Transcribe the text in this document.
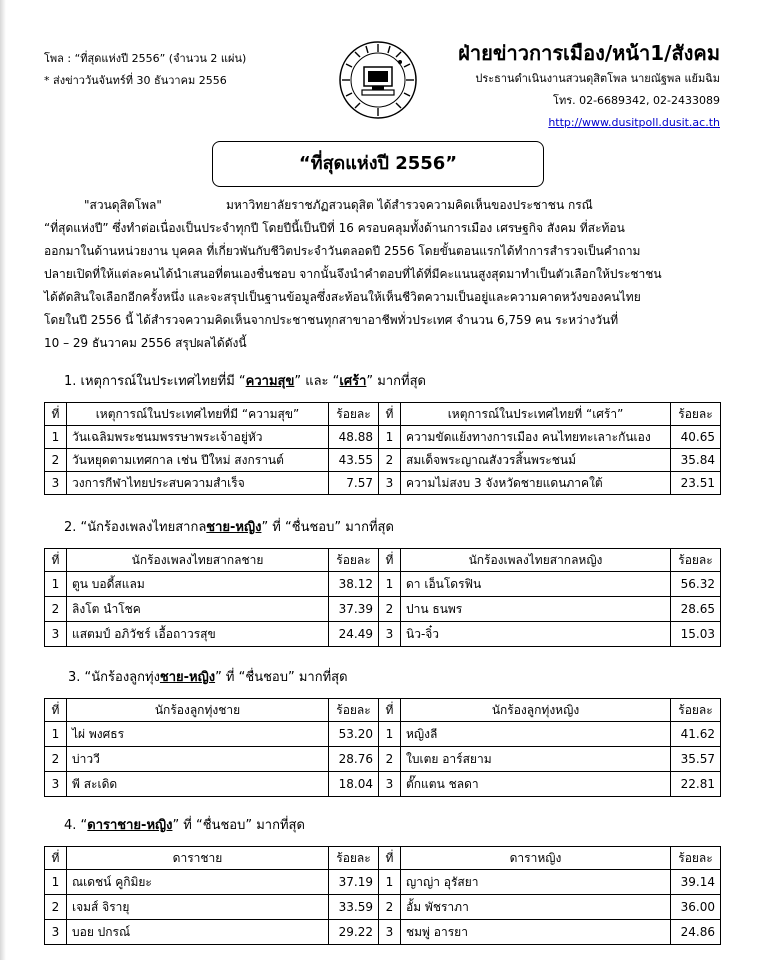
โพล : “ที่สุดแห่งปี 2556” (จำนวน 2 แผ่น)
* ส่งข่าววันจันทร์ที่ 30 ธันวาคม 2556
ฝ่ายข่าวการเมือง/หน้า1/สังคม
ประธานดำเนินงานสวนดุสิตโพล นายณัฐพล แย้มฉิม
โทร. 02-6689342, 02-2433089
http://www.dusitpoll.dusit.ac.th
“ที่สุดแห่งปี 2556”

"สวนดุสิตโพล"	มหาวิทยาลัยราชภัฏสวนดุสิต ได้สำรวจความคิดเห็นของประชาชน กรณี

“ที่สุดแห่งปี” ซึ่งทำต่อเนื่องเป็นประจำทุกปี โดยปีนี้เป็นปีที่ 16 ครอบคลุมทั้งด้านการเมือง เศรษฐกิจ สังคม ที่สะท้อน

ออกมาในด้านหน่วยงาน บุคคล ที่เกี่ยวพันกับชีวิตประจำวันตลอดปี 2556 โดยขั้นตอนแรกได้ทำการสำรวจเป็นคำถาม

ปลายเปิดที่ให้แต่ละคนได้นำเสนอที่ตนเองชื่นชอบ จากนั้นจึงนำคำตอบที่ได้ที่มีคะแนนสูงสุดมาทำเป็นตัวเลือกให้ประชาชน

ได้ตัดสินใจเลือกอีกครั้งหนึ่ง และจะสรุปเป็นฐานข้อมูลซึ่งสะท้อนให้เห็นชีวิตความเป็นอยู่และความคาดหวังของคนไทย

โดยในปี 2556 นี้ ได้สำรวจความคิดเห็นจากประชาชนทุกสาขาอาชีพทั่วประเทศ จำนวน 6,759 คน ระหว่างวันที่

10 – 29 ธันวาคม 2556 สรุปผลได้ดังนี้

1. เหตุการณ์ในประเทศไทยที่มี “ความสุข” และ “เศร้า” มากที่สุด
ที่	เหตุการณ์ในประเทศไทยที่มี “ความสุข”	ร้อยละ	ที่	เหตุการณ์ในประเทศไทยที่ “เศร้า”	ร้อยละ
1	วันเฉลิมพระชนมพรรษาพระเจ้าอยู่หัว	48.88	1	ความขัดแย้งทางการเมือง คนไทยทะเลาะกันเอง	40.65
2	วันหยุดตามเทศกาล เช่น ปีใหม่ สงกรานต์	43.55	2	สมเด็จพระญาณสังวรสิ้นพระชนม์	35.84
3	วงการกีฬาไทยประสบความสำเร็จ	7.57	3	ความไม่สงบ 3 จังหวัดชายแดนภาคใต้	23.51
2. “นักร้องเพลงไทยสากลชาย-หญิง” ที่ “ชื่นชอบ” มากที่สุด
ที่	นักร้องเพลงไทยสากลชาย	ร้อยละ	ที่	นักร้องเพลงไทยสากลหญิง	ร้อยละ
1	ตูน บอดี้สแลม	38.12	1	ดา เอ็นโดรฟิน	56.32
2	ลิงโต นำโชค	37.39	2	ปาน ธนพร	28.65
3	แสตมป์ อภิวัชร์ เอื้อถาวรสุข	24.49	3	นิว-จิ๋ว	15.03
3. “นักร้องลูกทุ่งชาย-หญิง” ที่ “ชื่นชอบ” มากที่สุด
ที่	นักร้องลูกทุ่งชาย	ร้อยละ	ที่	นักร้องลูกทุ่งหญิง	ร้อยละ
1	ไผ่ พงศธร	53.20	1	หญิงลี	41.62
2	บ่าววี	28.76	2	ใบเตย อาร์สยาม	35.57
3	พี สะเดิด	18.04	3	ตั๊กแตน ชลดา	22.81
4. “ดาราชาย-หญิง” ที่ “ชื่นชอบ” มากที่สุด
ที่	ดาราชาย	ร้อยละ	ที่	ดาราหญิง	ร้อยละ
1	ณเดชน์ คูกิมิยะ	37.19	1	ญาญ่า อุรัสยา	39.14
2	เจมส์ จิรายุ	33.59	2	อั้ม พัชราภา	36.00
3	บอย ปกรณ์	29.22	3	ชมพู่ อารยา	24.86
